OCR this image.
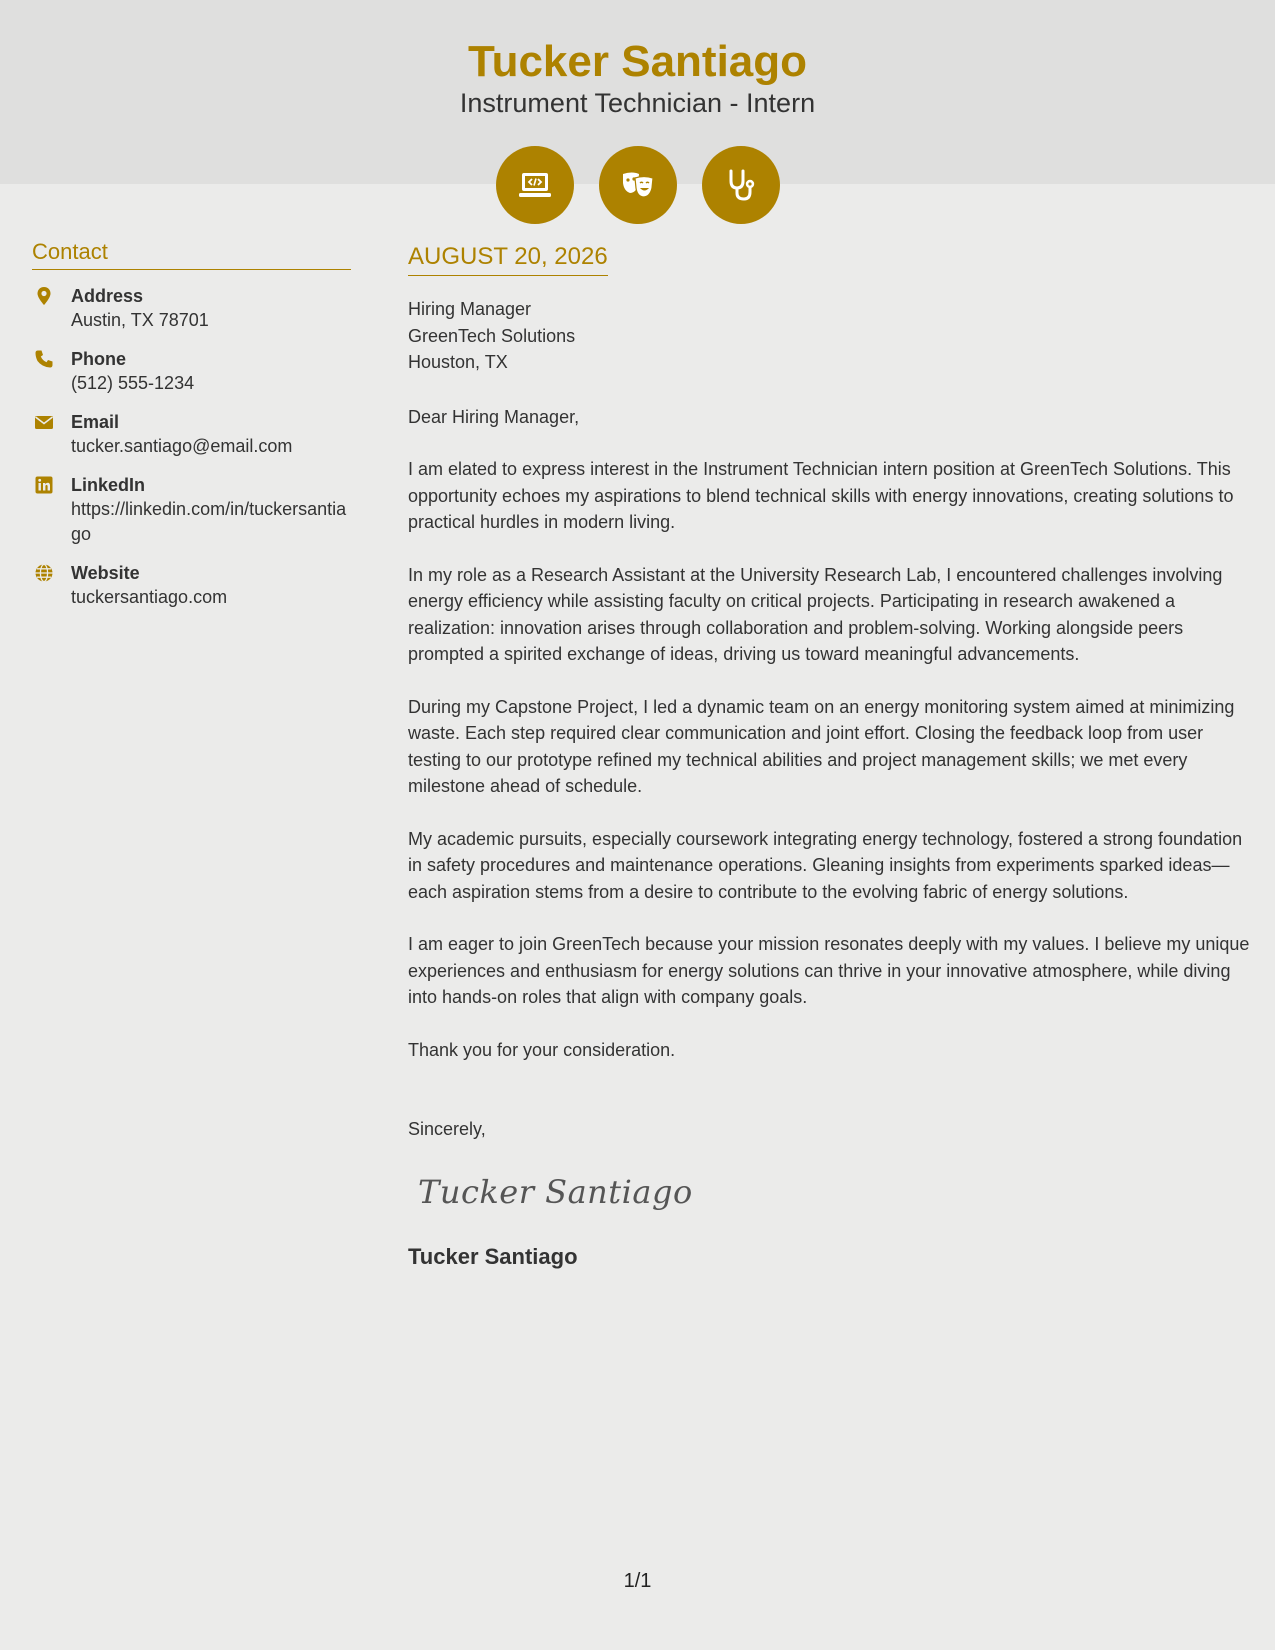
Tucker Santiago
Instrument Technician - Intern
Contact
Address
Austin, TX 78701
Phone
(512) 555-1234
Email
tucker.santiago@email.com
LinkedIn
https://linkedin.com/in/tuckersantiago
Website
tuckersantiago.com
AUGUST 20, 2026
Hiring Manager
GreenTech Solutions
Houston, TX

Dear Hiring Manager,

I am elated to express interest in the Instrument Technician intern position at GreenTech Solutions. This opportunity echoes my aspirations to blend technical skills with energy innovations, creating solutions to practical hurdles in modern living.

In my role as a Research Assistant at the University Research Lab, I encountered challenges involving energy efficiency while assisting faculty on critical projects. Participating in research awakened a realization: innovation arises through collaboration and problem-solving. Working alongside peers prompted a spirited exchange of ideas, driving us toward meaningful advancements.

During my Capstone Project, I led a dynamic team on an energy monitoring system aimed at minimizing waste. Each step required clear communication and joint effort. Closing the feedback loop from user testing to our prototype refined my technical abilities and project management skills; we met every milestone ahead of schedule.

My academic pursuits, especially coursework integrating energy technology, fostered a strong foundation in safety procedures and maintenance operations. Gleaning insights from experiments sparked ideas—each aspiration stems from a desire to contribute to the evolving fabric of energy solutions.

I am eager to join GreenTech because your mission resonates deeply with my values. I believe my unique experiences and enthusiasm for energy solutions can thrive in your innovative atmosphere, while diving into hands-on roles that align with company goals.

Thank you for your consideration.

Sincerely,
Tucker Santiago
Tucker Santiago
1/1
